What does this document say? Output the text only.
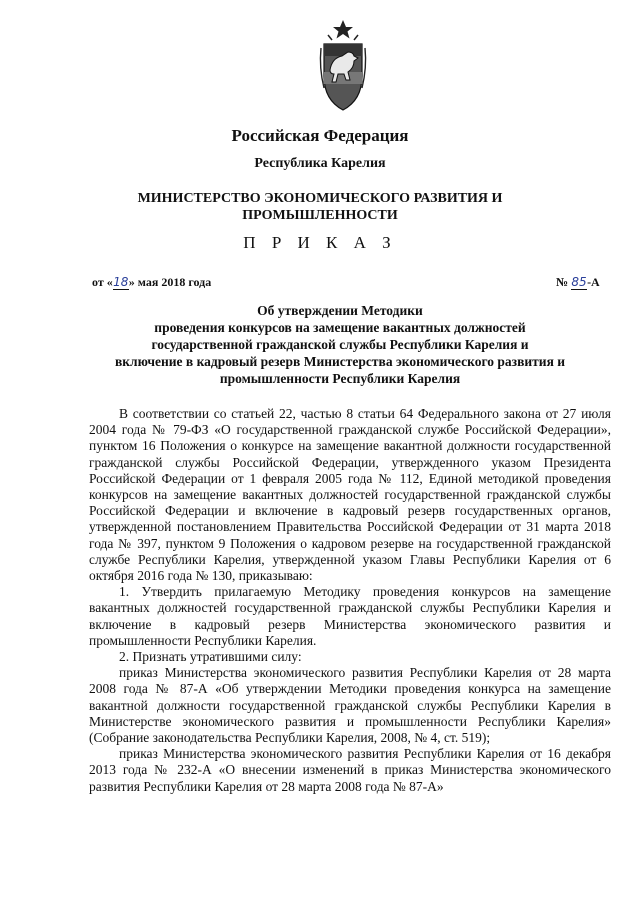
Российская Федерация

Республика Карелия

МИНИСТЕРСТВО ЭКОНОМИЧЕСКОГО РАЗВИТИЯ И
ПРОМЫШЛЕННОСТИ

П Р И К А З

от «18» мая 2018 года	№ 85-А

Об утверждении Методики
проведения конкурсов на замещение вакантных должностей
государственной гражданской службы Республики Карелия и
включение в кадровый резерв Министерства экономического развития и
промышленности Республики Карелия

В соответствии со статьей 22, частью 8 статьи 64 Федерального закона от 27 июля 2004 года № 79-ФЗ «О государственной гражданской службе Российской Федерации», пунктом 16 Положения о конкурсе на замещение вакантной должности государственной гражданской службы Российской Федерации, утвержденного указом Президента Российской Федерации от 1 февраля 2005 года № 112, Единой методикой проведения конкурсов на замещение вакантных должностей государственной гражданской службы Российской Федерации и включение в кадровый резерв государственных органов, утвержденной постановлением Правительства Российской Федерации от 31 марта 2018 года № 397, пунктом 9 Положения о кадровом резерве на государственной гражданской службе Республики Карелия, утвержденной указом Главы Республики Карелия от 6 октября 2016 года № 130, приказываю:

1. Утвердить прилагаемую Методику проведения конкурсов на замещение вакантных должностей государственной гражданской службы Республики Карелия и включение в кадровый резерв Министерства экономического развития и промышленности Республики Карелия.

2. Признать утратившими силу:

приказ Министерства экономического развития Республики Карелия от 28 марта 2008 года № 87-А «Об утверждении Методики проведения конкурса на замещение вакантной должности государственной гражданской службы Республики Карелия в Министерстве экономического развития и промышленности Республики Карелия» (Собрание законодательства Республики Карелия, 2008, № 4, ст. 519);

приказ Министерства экономического развития Республики Карелия от 16 декабря 2013 года № 232-А «О внесении изменений в приказ Министерства экономического развития Республики Карелия от 28 марта 2008 года № 87-А»
